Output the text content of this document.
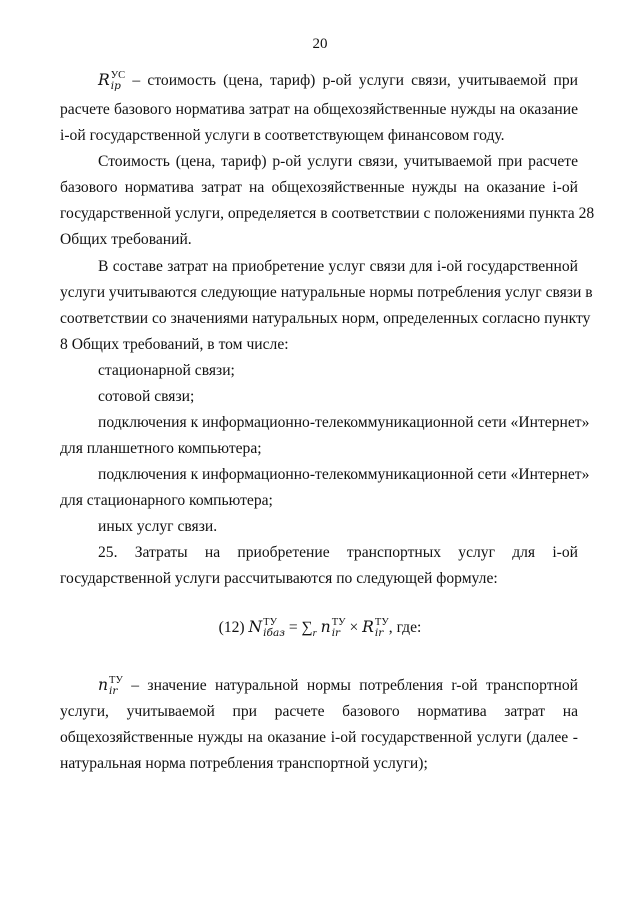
20
R УС
ip – стоимость (цена, тариф) р-ой услуги связи, учитываемой при
расчете базового норматива затрат на общехозяйственные нужды на оказание
i-ой государственной услуги в соответствующем финансовом году.
Стоимость (цена, тариф) р-ой услуги связи, учитываемой при расчете
базового норматива затрат на общехозяйственные нужды на оказание i-ой
государственной услуги, определяется в соответствии с положениями пункта 28
Общих требований.
В составе затрат на приобретение услуг связи для i-ой государственной
услуги учитываются следующие натуральные нормы потребления услуг связи в
соответствии со значениями натуральных норм, определенных согласно пункту
8 Общих требований, в том числе:
стационарной связи;
сотовой связи;
подключения к информационно-телекоммуникационной сети «Интернет»
для планшетного компьютера;
подключения к информационно-телекоммуникационной сети «Интернет»
для стационарного компьютера;
иных услуг связи.
25. Затраты на приобретение транспортных услуг для i-ой
государственной услуги рассчитываются по следующей формуле:
(12) N ТУ
iбаз = $\sum_r$ n ТУ
ir × R ТУ
ir , где:
n ТУ
ir – значение натуральной нормы потребления r-ой транспортной
услуги, учитываемой при расчете базового норматива затрат на
общехозяйственные нужды на оказание i-ой государственной услуги (далее -
натуральная норма потребления транспортной услуги);
